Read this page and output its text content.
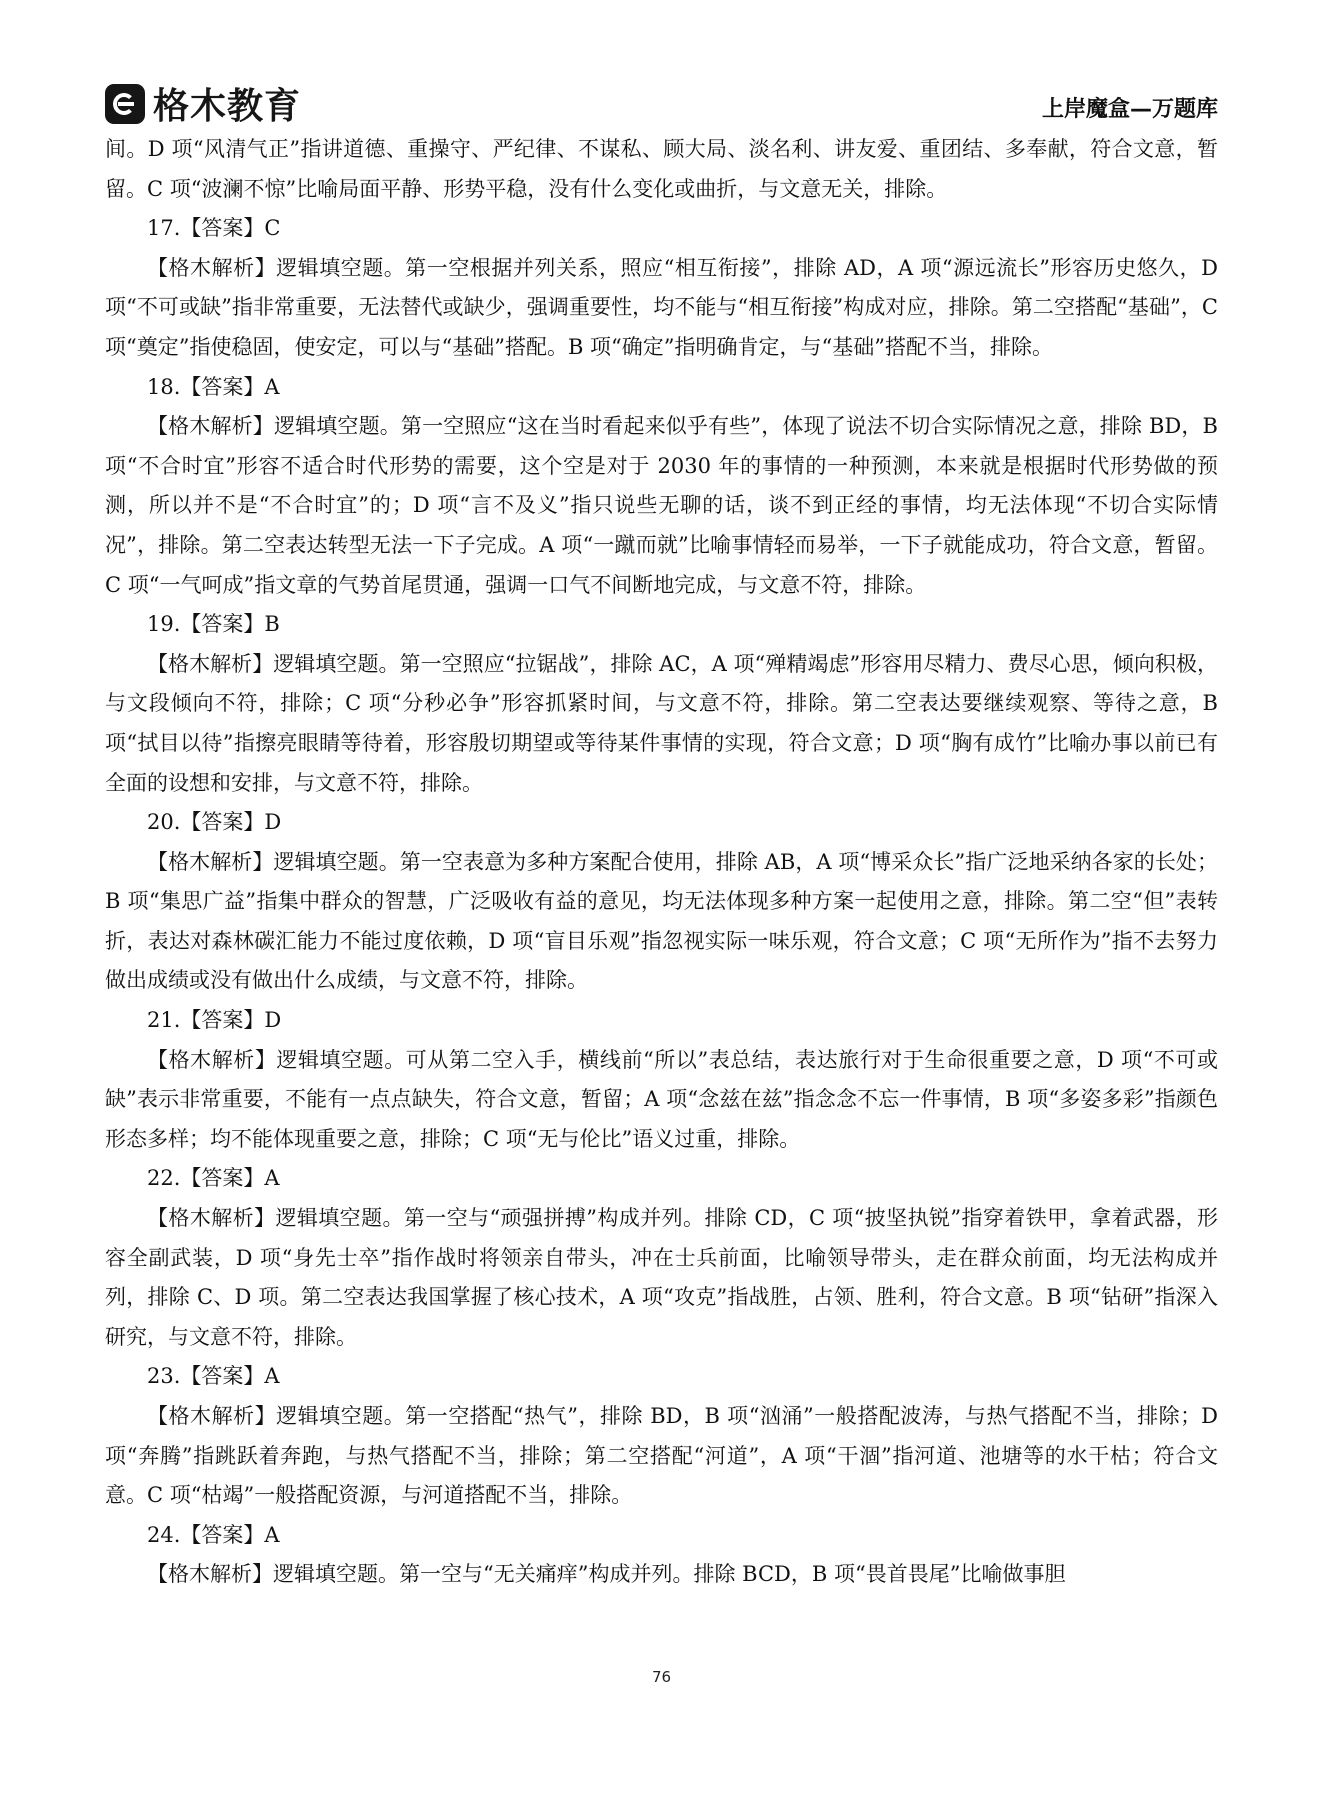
格木教育	上岸魔盒—万题库

间。D 项“风清气正”指讲道德、重操守、严纪律、不谋私、顾大局、淡名利、讲友爱、重团结、多奉献，符合文意，暂留。C 项“波澜不惊”比喻局面平静、形势平稳，没有什么变化或曲折，与文意无关，排除。

17.【答案】C

【格木解析】逻辑填空题。第一空根据并列关系，照应“相互衔接”，排除 AD，A 项“源远流长”形容历史悠久，D 项“不可或缺”指非常重要，无法替代或缺少，强调重要性，均不能与“相互衔接”构成对应，排除。第二空搭配“基础”，C 项“奠定”指使稳固，使安定，可以与“基础”搭配。B 项“确定”指明确肯定，与“基础”搭配不当，排除。

18.【答案】A

【格木解析】逻辑填空题。第一空照应“这在当时看起来似乎有些”，体现了说法不切合实际情况之意，排除 BD，B 项“不合时宜”形容不适合时代形势的需要，这个空是对于 2030 年的事情的一种预测，本来就是根据时代形势做的预测，所以并不是“不合时宜”的；D 项“言不及义”指只说些无聊的话，谈不到正经的事情，均无法体现“不切合实际情况”，排除。第二空表达转型无法一下子完成。A 项“一蹴而就”比喻事情轻而易举，一下子就能成功，符合文意，暂留。C 项“一气呵成”指文章的气势首尾贯通，强调一口气不间断地完成，与文意不符，排除。

19.【答案】B

【格木解析】逻辑填空题。第一空照应“拉锯战”，排除 AC，A 项“殚精竭虑”形容用尽精力、费尽心思，倾向积极，与文段倾向不符，排除；C 项“分秒必争”形容抓紧时间，与文意不符，排除。第二空表达要继续观察、等待之意，B 项“拭目以待”指擦亮眼睛等待着，形容殷切期望或等待某件事情的实现，符合文意；D 项“胸有成竹”比喻办事以前已有全面的设想和安排，与文意不符，排除。

20.【答案】D

【格木解析】逻辑填空题。第一空表意为多种方案配合使用，排除 AB，A 项“博采众长”指广泛地采纳各家的长处；B 项“集思广益”指集中群众的智慧，广泛吸收有益的意见，均无法体现多种方案一起使用之意，排除。第二空“但”表转折，表达对森林碳汇能力不能过度依赖，D 项“盲目乐观”指忽视实际一味乐观，符合文意；C 项“无所作为”指不去努力做出成绩或没有做出什么成绩，与文意不符，排除。

21.【答案】D

【格木解析】逻辑填空题。可从第二空入手，横线前“所以”表总结，表达旅行对于生命很重要之意，D 项“不可或缺”表示非常重要，不能有一点点缺失，符合文意，暂留；A 项“念兹在兹”指念念不忘一件事情，B 项“多姿多彩”指颜色形态多样；均不能体现重要之意，排除；C 项“无与伦比”语义过重，排除。

22.【答案】A

【格木解析】逻辑填空题。第一空与“顽强拼搏”构成并列。排除 CD，C 项“披坚执锐”指穿着铁甲，拿着武器，形容全副武装，D 项“身先士卒”指作战时将领亲自带头，冲在士兵前面，比喻领导带头，走在群众前面，均无法构成并列，排除 C、D 项。第二空表达我国掌握了核心技术，A 项“攻克”指战胜，占领、胜利，符合文意。B 项“钻研”指深入研究，与文意不符，排除。

23.【答案】A

【格木解析】逻辑填空题。第一空搭配“热气”，排除 BD，B 项“汹涌”一般搭配波涛，与热气搭配不当，排除；D 项“奔腾”指跳跃着奔跑，与热气搭配不当，排除；第二空搭配“河道”，A 项“干涸”指河道、池塘等的水干枯；符合文意。C 项“枯竭”一般搭配资源，与河道搭配不当，排除。

24.【答案】A

【格木解析】逻辑填空题。第一空与“无关痛痒”构成并列。排除 BCD，B 项“畏首畏尾”比喻做事胆

76
